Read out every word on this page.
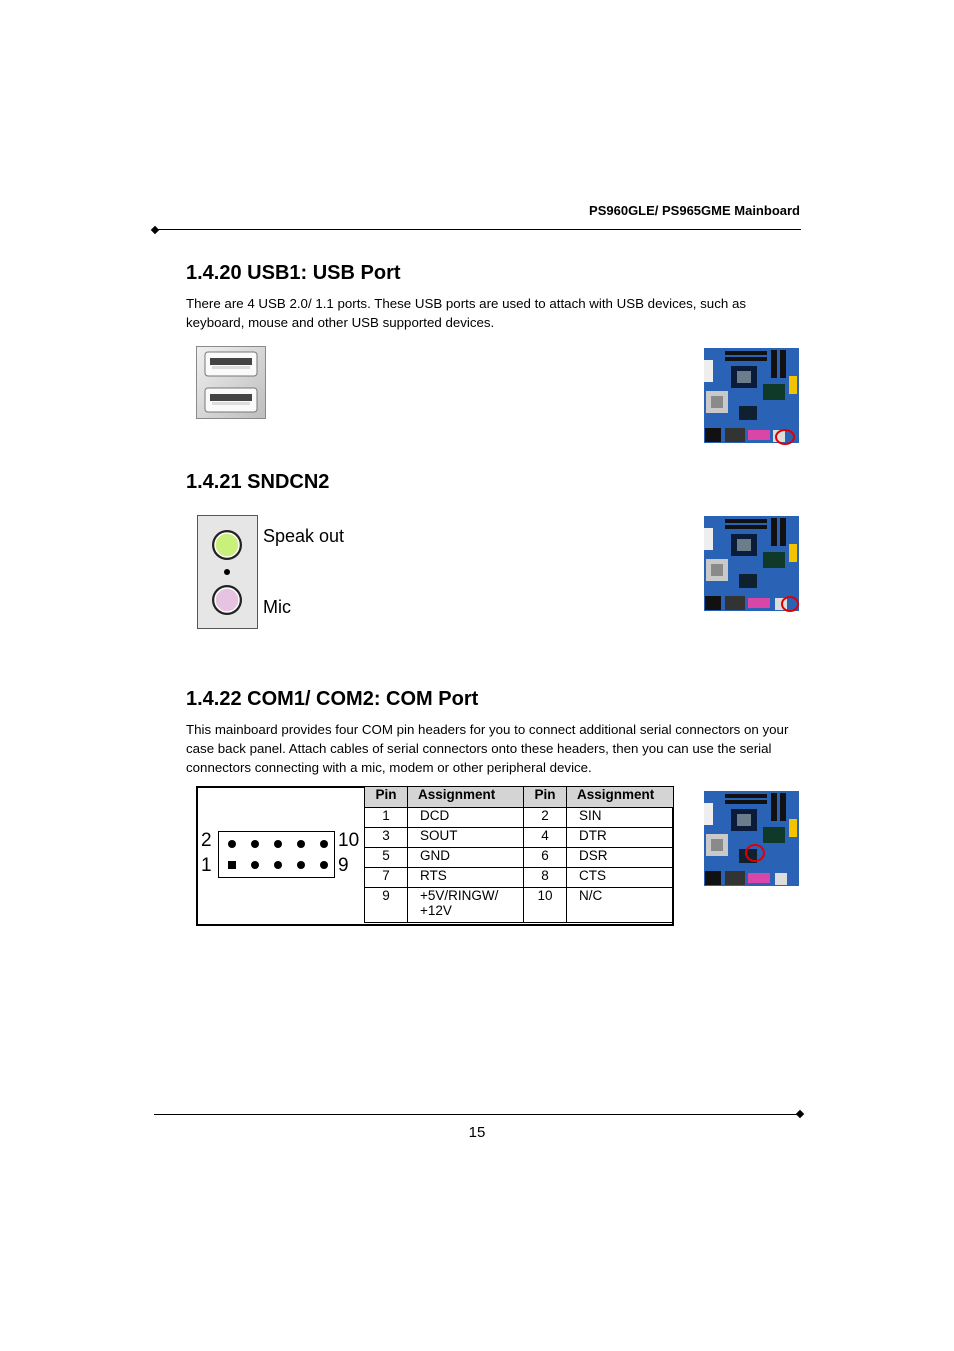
PS960GLE/ PS965GME Mainboard
1.4.20 USB1: USB Port
There are 4 USB 2.0/ 1.1 ports. These USB ports are used to attach with USB devices, such as keyboard, mouse and other USB supported devices.
1.4.21 SNDCN2
Speak out
Mic
1.4.22 COM1/ COM2: COM Port
This mainboard provides four COM pin headers for you to connect additional serial connectors on your case back panel. Attach cables of serial connectors onto these headers, then you can use the serial connectors connecting with a mic, modem or other peripheral device.
2
1
10
9
Pin	Assignment	Pin	Assignment
1	DCD	2	SIN
3	SOUT	4	DTR
5	GND	6	DSR
7	RTS	8	CTS
9	+5V/RINGW/ +12V	10	N/C
15
